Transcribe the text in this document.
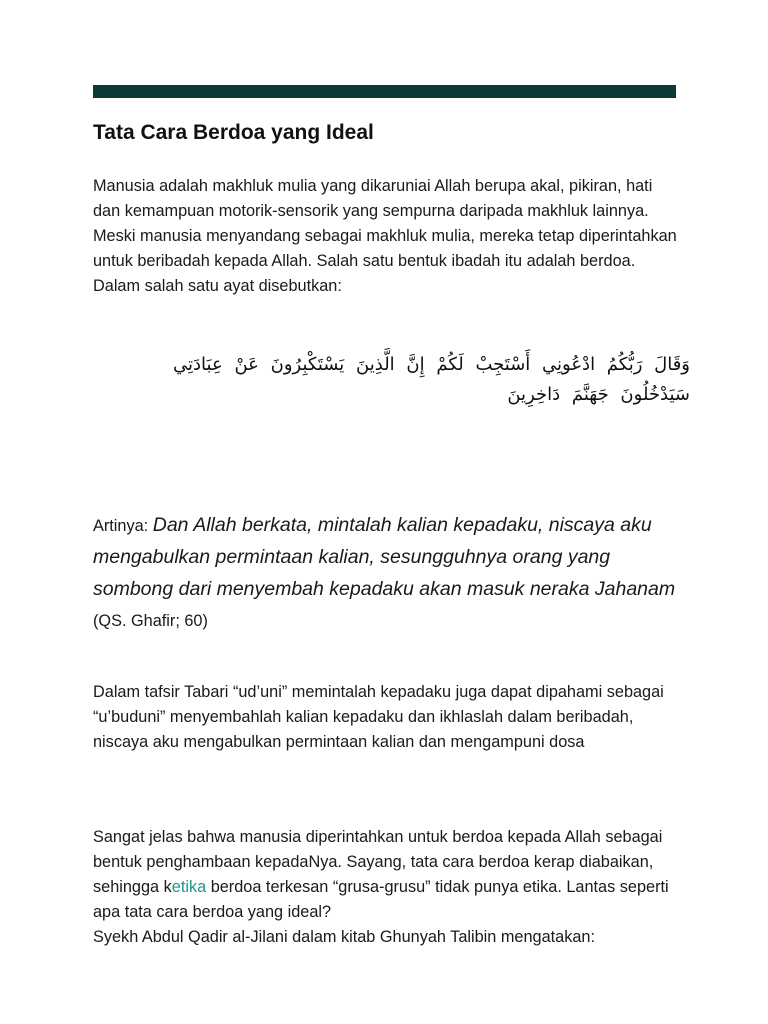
Tata Cara Berdoa yang Ideal

Manusia adalah makhluk mulia yang dikaruniai Allah berupa akal, pikiran, hati dan kemampuan motorik-sensorik yang sempurna daripada makhluk lainnya. Meski manusia menyandang sebagai makhluk mulia, mereka tetap diperintahkan untuk beribadah kepada Allah. Salah satu bentuk ibadah itu adalah berdoa. Dalam salah satu ayat disebutkan:

وَقَالَ رَبُّكُمُ ادْعُونِي أَسْتَجِبْ لَكُمْ إِنَّ الَّذِينَ يَسْتَكْبِرُونَ عَنْ عِبَادَتِي سَيَدْخُلُونَ جَهَنَّمَ دَاخِرِينَ

Artinya: Dan Allah berkata, mintalah kalian kepadaku, niscaya aku mengabulkan permintaan kalian, sesungguhnya orang yang sombong dari menyembah kepadaku akan masuk neraka Jahanam (QS. Ghafir; 60)

Dalam tafsir Tabari “ud’uni” memintalah kepadaku juga dapat dipahami sebagai “u’buduni” menyembahlah kalian kepadaku dan ikhlaslah dalam beribadah, niscaya aku mengabulkan permintaan kalian dan mengampuni dosa

Sangat jelas bahwa manusia diperintahkan untuk berdoa kepada Allah sebagai bentuk penghambaan kepadaNya. Sayang, tata cara berdoa kerap diabaikan, sehingga ketika berdoa terkesan “grusa-grusu” tidak punya etika. Lantas seperti apa tata cara berdoa yang ideal?
Syekh Abdul Qadir al-Jilani dalam kitab Ghunyah Talibin mengatakan:
